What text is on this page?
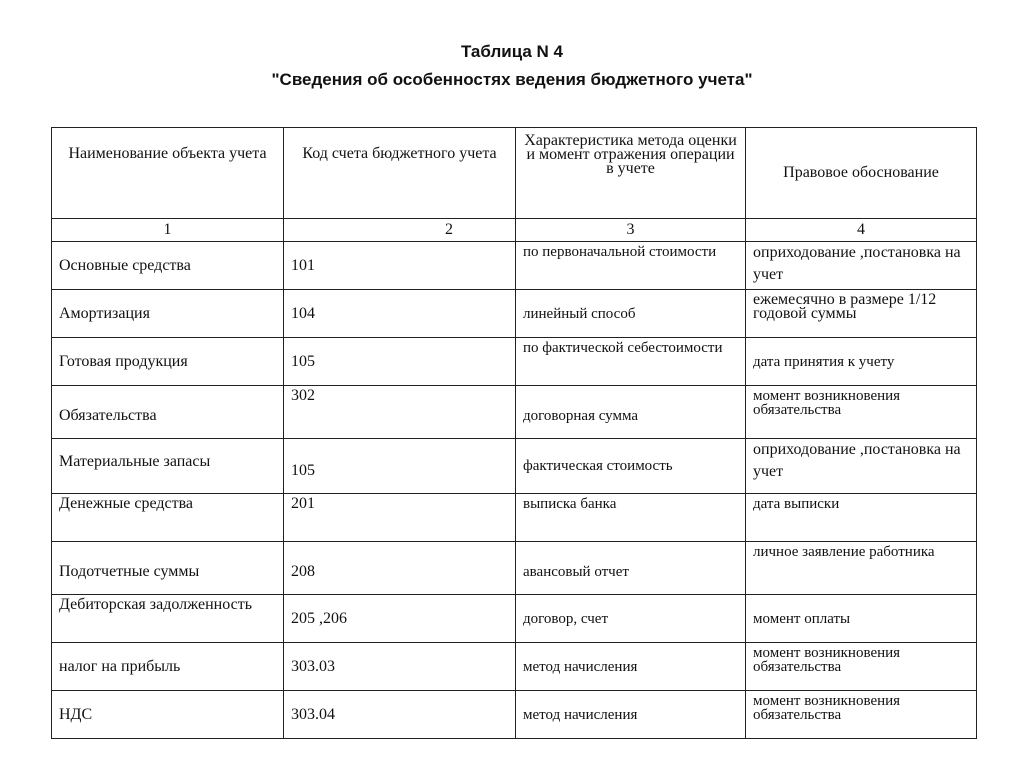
Таблица N 4
"Сведения об особенностях ведения бюджетного учета"
Наименование объекта учета	Код счета бюджетного учета	Характеристика метода оценки и момент отражения операции в учете	Правовое обоснование
1	2	3	4
Основные средства	101	по первоначальной стоимости	оприходование ,постановка на учет
Амортизация	104	линейный способ	ежемесячно в размере 1/12 годовой суммы
Готовая продукция	105	по фактической себестоимости	дата принятия к учету
Обязательства	302	договорная сумма	момент возникновения обязательства
Материальные запасы	105	фактическая стоимость	оприходование ,постановка на учет
Денежные средства	201	выписка банка	дата выписки
Подотчетные суммы	208	авансовый отчет	личное заявление работника
Дебиторская задолженность	205 ,206	договор, счет	момент оплаты
налог на прибыль	303.03	метод начисления	момент возникновения обязательства
НДС	303.04	метод начисления	момент возникновения обязательства
